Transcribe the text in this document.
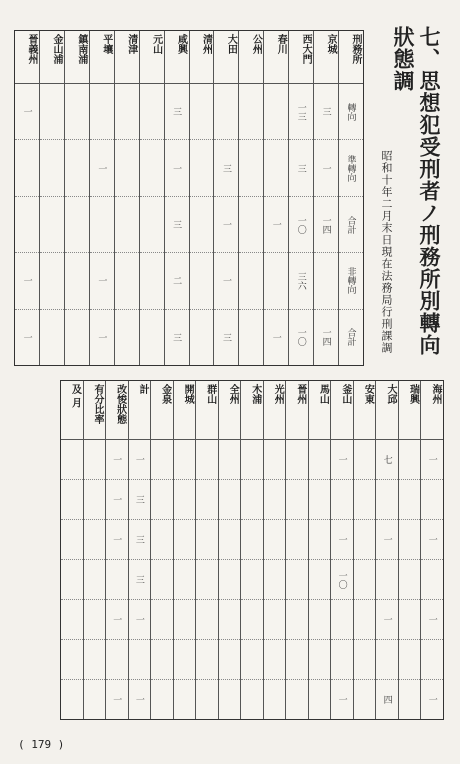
七、思想犯受刑者ノ刑務所別轉向狀態調
昭和十年二月末日現在法務局行刑課調
刑務所
轉向
準轉向
合計
非轉向
合計
京城
三
一
一四
一四
西大門
一三
三
一〇
三六
一〇
春川
一
一
公州
大田
三
一
一
三
清州
咸興
三
一
三
二
三
元山
清津
平壤
一
一
一
鎮南浦
金山浦
晉義州
一
一
一
海州
一
一
一
一
瑞興
大邱
七
一
一
四
安東
釜山
一
一
一〇
一
馬山
晉州
光州
木浦
全州
群山
開城
金泉
計
一
三
三
三
一
一
改悛狀態
一
一
一
一
一
有分比率
及 月
( 179 )
